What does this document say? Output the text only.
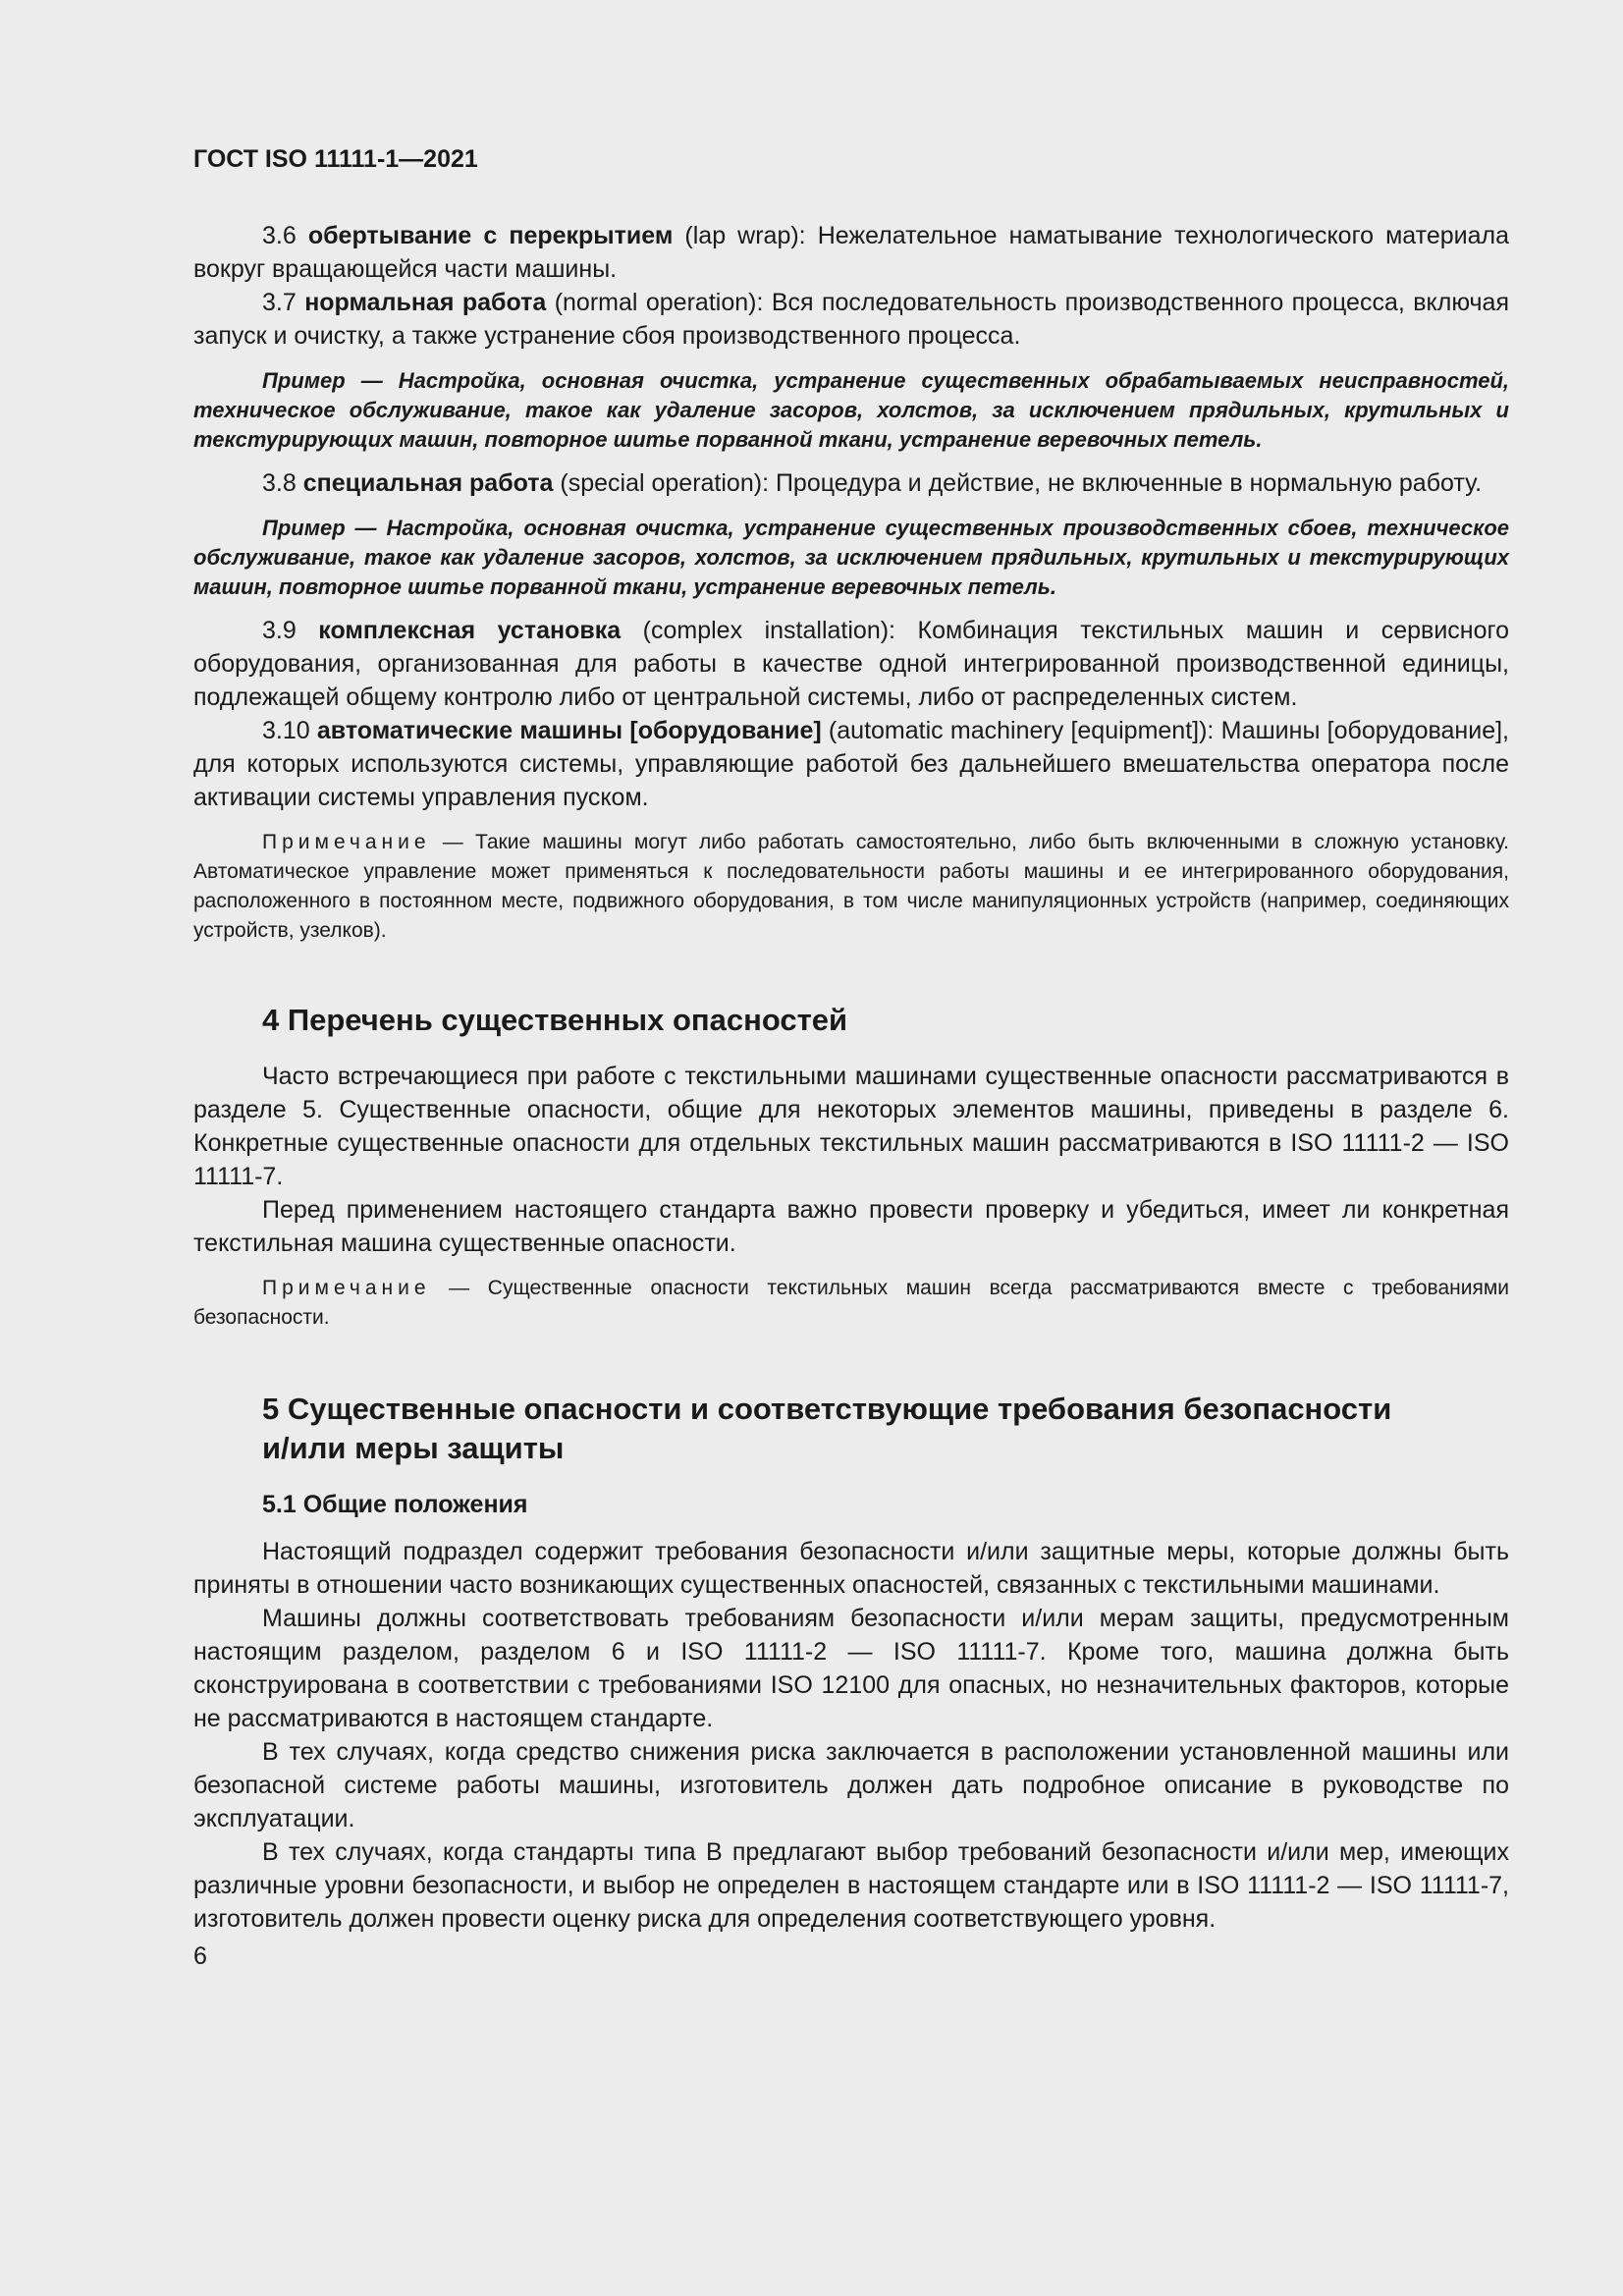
ГОСТ ISO 11111-1—2021

3.6 обертывание с перекрытием (lap wrap): Нежелательное наматывание технологического материала вокруг вращающейся части машины.

3.7 нормальная работа (normal operation): Вся последовательность производственного процесса, включая запуск и очистку, а также устранение сбоя производственного процесса.

Пример — Настройка, основная очистка, устранение существенных обрабатываемых неисправностей, техническое обслуживание, такое как удаление засоров, холстов, за исключением прядильных, крутильных и текстурирующих машин, повторное шитье порванной ткани, устранение веревочных петель.

3.8 специальная работа (special operation): Процедура и действие, не включенные в нормальную работу.

Пример — Настройка, основная очистка, устранение существенных производственных сбоев, техническое обслуживание, такое как удаление засоров, холстов, за исключением прядильных, крутильных и текстурирующих машин, повторное шитье порванной ткани, устранение веревочных петель.

3.9 комплексная установка (complex installation): Комбинация текстильных машин и сервисного оборудования, организованная для работы в качестве одной интегрированной производственной единицы, подлежащей общему контролю либо от центральной системы, либо от распределенных систем.

3.10 автоматические машины [оборудование] (automatic machinery [equipment]): Машины [оборудование], для которых используются системы, управляющие работой без дальнейшего вмешательства оператора после активации системы управления пуском.

Примечание — Такие машины могут либо работать самостоятельно, либо быть включенными в сложную установку. Автоматическое управление может применяться к последовательности работы машины и ее интегрированного оборудования, расположенного в постоянном месте, подвижного оборудования, в том числе манипуляционных устройств (например, соединяющих устройств, узелков).

4 Перечень существенных опасностей

Часто встречающиеся при работе с текстильными машинами существенные опасности рассматриваются в разделе 5. Существенные опасности, общие для некоторых элементов машины, приведены в разделе 6. Конкретные существенные опасности для отдельных текстильных машин рассматриваются в ISO 11111-2 — ISO 11111-7.

Перед применением настоящего стандарта важно провести проверку и убедиться, имеет ли конкретная текстильная машина существенные опасности.

Примечание — Существенные опасности текстильных машин всегда рассматриваются вместе с требованиями безопасности.

5 Существенные опасности и соответствующие требования безопасности
и/или меры защиты
5.1 Общие положения

Настоящий подраздел содержит требования безопасности и/или защитные меры, которые должны быть приняты в отношении часто возникающих существенных опасностей, связанных с текстильными машинами.

Машины должны соответствовать требованиям безопасности и/или мерам защиты, предусмотренным настоящим разделом, разделом 6 и ISO 11111-2 — ISO 11111-7. Кроме того, машина должна быть сконструирована в соответствии с требованиями ISO 12100 для опасных, но незначительных факторов, которые не рассматриваются в настоящем стандарте.

В тех случаях, когда средство снижения риска заключается в расположении установленной машины или безопасной системе работы машины, изготовитель должен дать подробное описание в руководстве по эксплуатации.

В тех случаях, когда стандарты типа В предлагают выбор требований безопасности и/или мер, имеющих различные уровни безопасности, и выбор не определен в настоящем стандарте или в ISO 11111-2 — ISO 11111-7, изготовитель должен провести оценку риска для определения соответствующего уровня.

6
